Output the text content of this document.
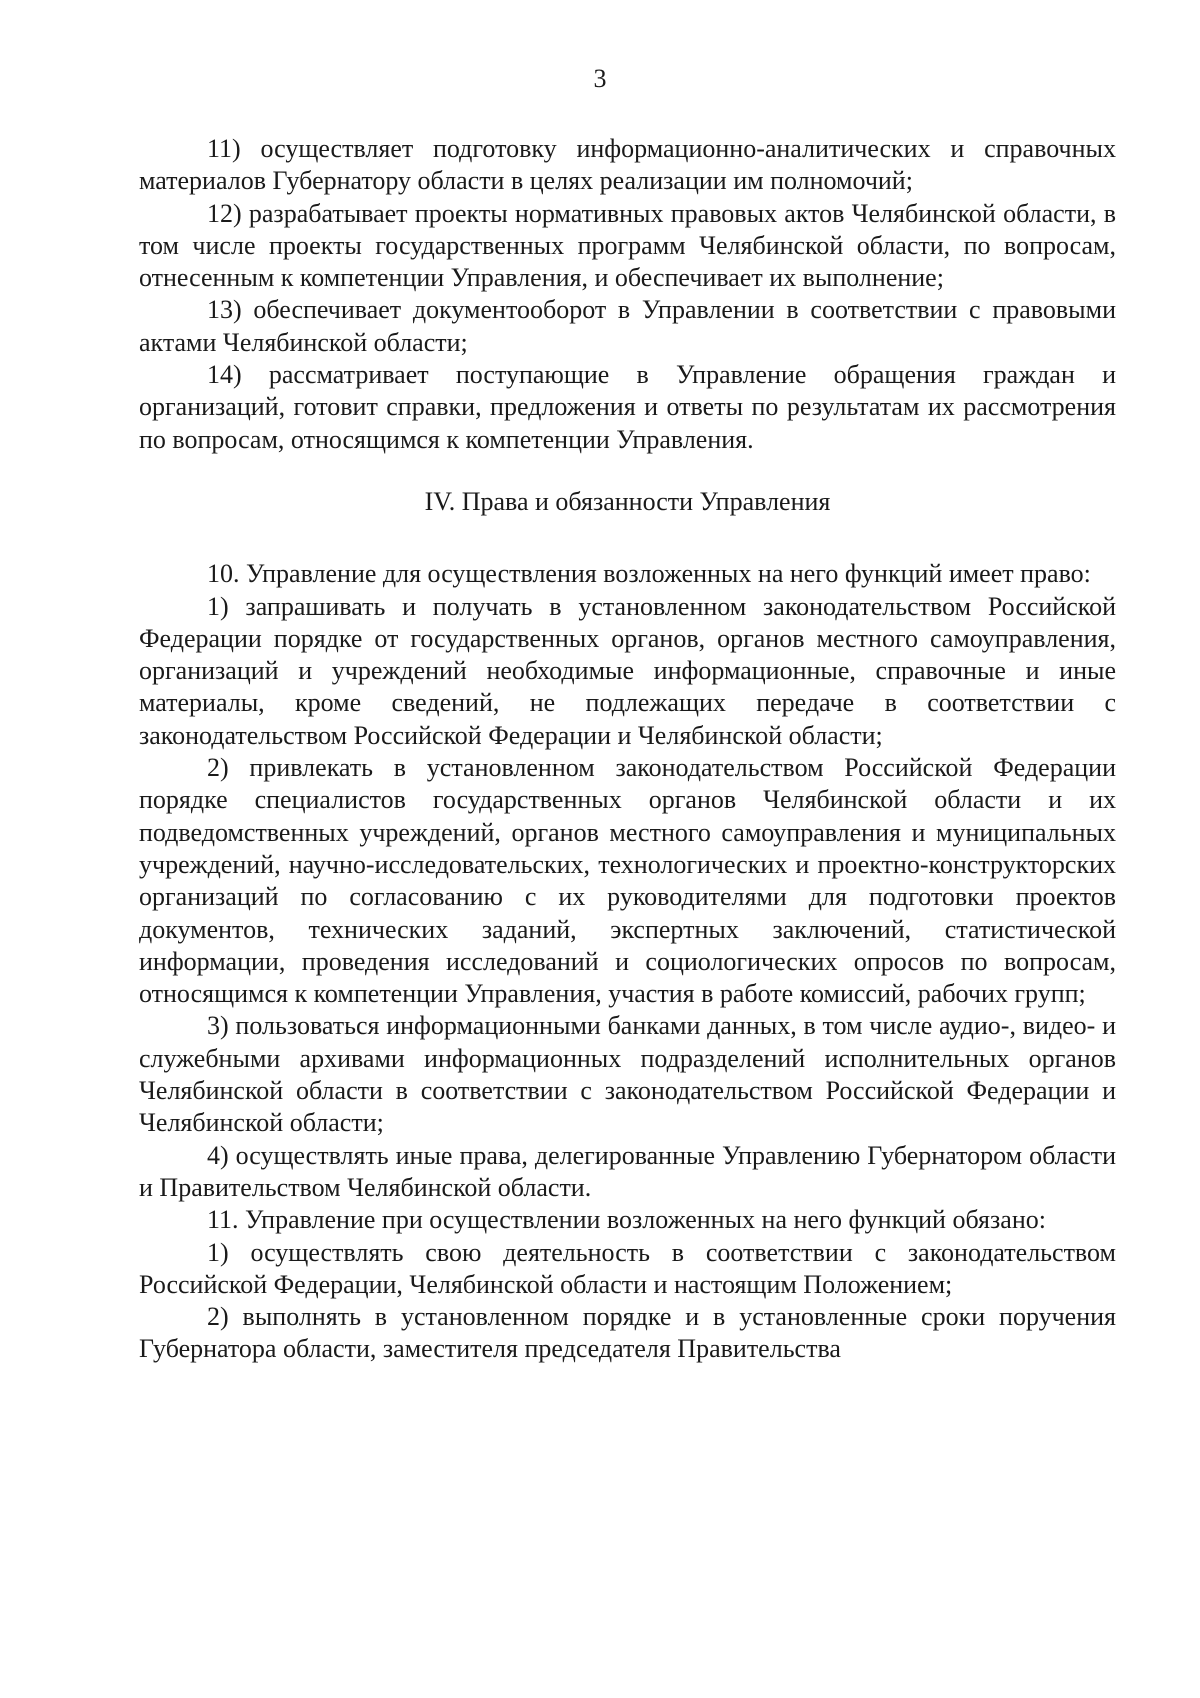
3

11) осуществляет подготовку информационно-аналитических и справочных материалов Губернатору области в целях реализации им полномочий;

12) разрабатывает проекты нормативных правовых актов Челябинской области, в том числе проекты государственных программ Челябинской области, по вопросам, отнесенным к компетенции Управления, и обеспечивает их выполнение;

13) обеспечивает документооборот в Управлении в соответствии с правовыми актами Челябинской области;

14) рассматривает поступающие в Управление обращения граждан и организаций, готовит справки, предложения и ответы по результатам их рассмотрения по вопросам, относящимся к компетенции Управления.

IV. Права и обязанности Управления

10. Управление для осуществления возложенных на него функций имеет право:

1) запрашивать и получать в установленном законодательством Российской Федерации порядке от государственных органов, органов местного самоуправления, организаций и учреждений необходимые информационные, справочные и иные материалы, кроме сведений, не подлежащих передаче в соответствии с законодательством Российской Федерации и Челябинской области;

2) привлекать в установленном законодательством Российской Федерации порядке специалистов государственных органов Челябинской области и их подведомственных учреждений, органов местного самоуправления и муниципальных учреждений, научно-исследовательских, технологических и проектно-конструкторских организаций по согласованию с их руководителями для подготовки проектов документов, технических заданий, экспертных заключений, статистической информации, проведения исследований и социологических опросов по вопросам, относящимся к компетенции Управления, участия в работе комиссий, рабочих групп;

3) пользоваться информационными банками данных, в том числе аудио-, видео- и служебными архивами информационных подразделений исполнительных органов Челябинской области в соответствии с законодательством Российской Федерации и Челябинской области;

4) осуществлять иные права, делегированные Управлению Губернатором области и Правительством Челябинской области.

11. Управление при осуществлении возложенных на него функций обязано:

1) осуществлять свою деятельность в соответствии с законодательством Российской Федерации, Челябинской области и настоящим Положением;

2) выполнять в установленном порядке и в установленные сроки поручения Губернатора области, заместителя председателя Правительства
